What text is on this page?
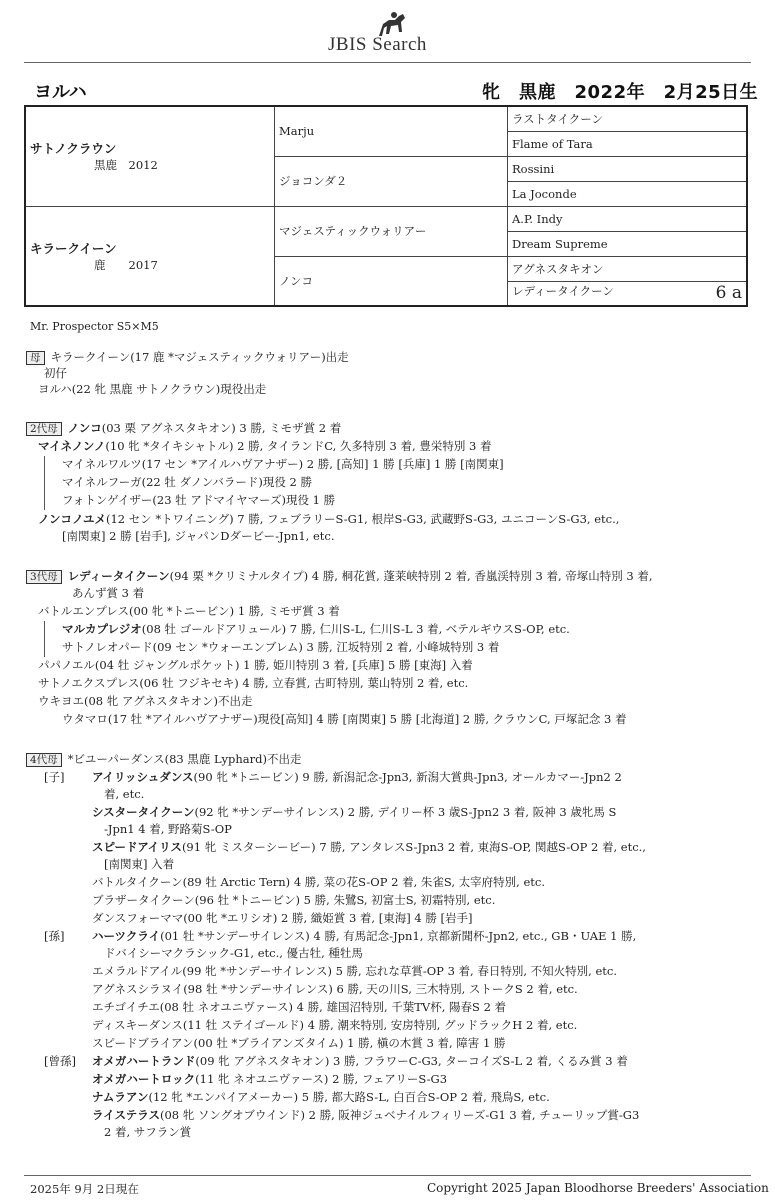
JBIS Search
ヨルハ	牝　黒鹿　2022年　2月25日生
サトノクラウン
黒鹿　2012	Marju	ラストタイクーン
		Flame of Tara
	ジョコンダ２	Rossini
		La Joconde

キラークイーン
鹿　　2017	マジェスティックウォリアー	A.P. Indy
		Dream Supreme
	ノンコ	アグネスタキオン

		レディータイクーン 6 a
Mr. Prospector S5×M5
母 キラークイーン(17 鹿 *マジェスティックウォリアー)出走
初仔
ヨルハ(22 牝 黒鹿 サトノクラウン)現役出走
2代母 ノンコ(03 栗 アグネスタキオン) 3 勝, ミモザ賞 2 着
マイネノンノ(10 牝 *タイキシャトル) 2 勝, タイランドC, 久多特別 3 着, 豊栄特別 3 着
マイネルワルツ(17 セン *アイルハヴアナザー) 2 勝, [高知] 1 勝 [兵庫] 1 勝 [南関東]
マイネルフーガ(22 牡 ダノンバラード)現役 2 勝
フォトンゲイザー(23 牡 アドマイヤマーズ)現役 1 勝
ノンコノユメ(12 セン *トワイニング) 7 勝, フェブラリーS-G1, 根岸S-G3, 武蔵野S-G3, ユニコーンS-G3, etc.,
[南関東] 2 勝 [岩手], ジャパンDダービー-Jpn1, etc.
3代母 レディータイクーン(94 栗 *クリミナルタイプ) 4 勝, 桐花賞, 蓬莱峡特別 2 着, 香嵐渓特別 3 着, 帝塚山特別 3 着,
あんず賞 3 着
バトルエンプレス(00 牝 *トニービン) 1 勝, ミモザ賞 3 着
マルカプレジオ(08 牡 ゴールドアリュール) 7 勝, 仁川S-L, 仁川S-L 3 着, ベテルギウスS-OP, etc.
サトノレオパード(09 セン *ウォーエンブレム) 3 勝, 江坂特別 2 着, 小峰城特別 3 着
パパノエル(04 牡 ジャングルポケット) 1 勝, 姫川特別 3 着, [兵庫] 5 勝 [東海] 入着
サトノエクスプレス(06 牡 フジキセキ) 4 勝, 立春賞, 古町特別, 葉山特別 2 着, etc.
ウキヨエ(08 牝 アグネスタキオン)不出走
ウタマロ(17 牡 *アイルハヴアナザー)現役[高知] 4 勝 [南関東] 5 勝 [北海道] 2 勝, クラウンC, 戸塚記念 3 着
4代母 *ビユーパーダンス(83 黒鹿 Lyphard)不出走
[子] アイリッシュダンス(90 牝 *トニービン) 9 勝, 新潟記念-Jpn3, 新潟大賞典-Jpn3, オールカマー-Jpn2 2
着, etc.
シスタータイクーン(92 牝 *サンデーサイレンス) 2 勝, デイリー杯 3 歳S-Jpn2 3 着, 阪神 3 歳牝馬 S
-Jpn1 4 着, 野路菊S-OP
スピードアイリス(91 牝 ミスターシービー) 7 勝, アンタレスS-Jpn3 2 着, 東海S-OP, 関越S-OP 2 着, etc.,
[南関東] 入着
バトルタイクーン(89 牡 Arctic Tern) 4 勝, 菜の花S-OP 2 着, 朱雀S, 太宰府特別, etc.
ブラザータイクーン(96 牡 *トニービン) 5 勝, 朱鷺S, 初富士S, 初霜特別, etc.
ダンスフォーママ(00 牝 *エリシオ) 2 勝, 織姫賞 3 着, [東海] 4 勝 [岩手]
[孫] ハーツクライ(01 牡 *サンデーサイレンス) 4 勝, 有馬記念-Jpn1, 京都新聞杯-Jpn2, etc., GB・UAE 1 勝,
ドバイシーマクラシック-G1, etc., 優古牡, 種牡馬
エメラルドアイル(99 牝 *サンデーサイレンス) 5 勝, 忘れな草賞-OP 3 着, 春日特別, 不知火特別, etc.
アグネスシラヌイ(98 牡 *サンデーサイレンス) 6 勝, 天の川S, 三木特別, ストークS 2 着, etc.
エチゴイチエ(08 牡 ネオユニヴァース) 4 勝, 雄国沼特別, 千葉TV杯, 陽春S 2 着
ディスキーダンス(11 牡 ステイゴールド) 4 勝, 潮来特別, 安房特別, グッドラックH 2 着, etc.
スピードブライアン(00 牡 *ブライアンズタイム) 1 勝, 槇の木賞 3 着, 障害 1 勝
[曾孫] オメガハートランド(09 牝 アグネスタキオン) 3 勝, フラワーC-G3, ターコイズS-L 2 着, くるみ賞 3 着
オメガハートロック(11 牝 ネオユニヴァース) 2 勝, フェアリーS-G3
ナムラアン(12 牝 *エンパイアメーカー) 5 勝, 都大路S-L, 白百合S-OP 2 着, 飛鳥S, etc.
ライステラス(08 牝 ソングオブウインド) 2 勝, 阪神ジュベナイルフィリーズ-G1 3 着, チューリップ賞-G3
2 着, サフラン賞
2025年 9月 2日現在	Copyright 2025 Japan Bloodhorse Breeders' Association
